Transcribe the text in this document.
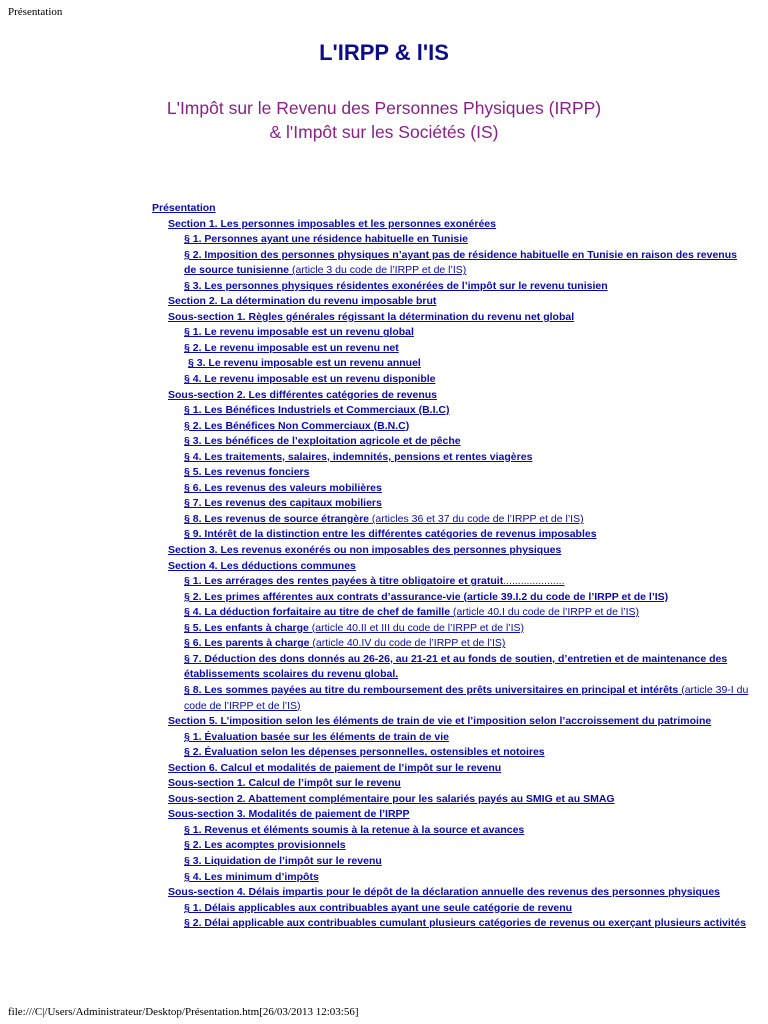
Présentation
L'IRPP & l'IS
L'Impôt sur le Revenu des Personnes Physiques (IRPP)
& l'Impôt sur les Sociétés (IS)
Présentation
Section 1. Les personnes imposables et les personnes exonérées
§ 1. Personnes ayant une résidence habituelle en Tunisie
§ 2. Imposition des personnes physiques n’ayant pas de résidence habituelle en Tunisie en raison des revenus de source tunisienne (article 3 du code de l’IRPP et de l’IS)
§ 3. Les personnes physiques résidentes exonérées de l’impôt sur le revenu tunisien
Section 2. La détermination du revenu imposable brut
Sous-section 1. Règles générales régissant la détermination du revenu net global
§ 1. Le revenu imposable est un revenu global
§ 2. Le revenu imposable est un revenu net
§ 3. Le revenu imposable est un revenu annuel
§ 4. Le revenu imposable est un revenu disponible
Sous-section 2. Les différentes catégories de revenus
§ 1. Les Bénéfices Industriels et Commerciaux (B.I.C)
§ 2. Les Bénéfices Non Commerciaux (B.N.C)
§ 3. Les bénéfices de l’exploitation agricole et de pêche
§ 4. Les traitements, salaires, indemnités, pensions et rentes viagères
§ 5. Les revenus fonciers
§ 6. Les revenus des valeurs mobilières
§ 7. Les revenus des capitaux mobiliers
§ 8. Les revenus de source étrangère (articles 36 et 37 du code de l’IRPP et de l’IS)
§ 9. Intérêt de la distinction entre les différentes catégories de revenus imposables
Section 3. Les revenus exonérés ou non imposables des personnes physiques
Section 4. Les déductions communes
§ 1. Les arrérages des rentes payées à titre obligatoire et gratuit.....................
§ 2. Les primes afférentes aux contrats d’assurance-vie (article 39.I.2 du code de l’IRPP et de l’IS)
§ 4. La déduction forfaitaire au titre de chef de famille (article 40.I du code de l’IRPP et de l’IS)
§ 5. Les enfants à charge (article 40.II et III du code de l’IRPP et de l’IS)
§ 6. Les parents à charge (article 40.IV du code de l’IRPP et de l’IS)
§ 7. Déduction des dons donnés au 26-26, au 21-21 et au fonds de soutien, d’entretien et de maintenance des établissements scolaires du revenu global.
§ 8. Les sommes payées au titre du remboursement des prêts universitaires en principal et intérêts (article 39-I du code de l’IRPP et de l’IS)
Section 5. L’imposition selon les éléments de train de vie et l’imposition selon l’accroissement du patrimoine
§ 1. Évaluation basée sur les éléments de train de vie
§ 2. Évaluation selon les dépenses personnelles, ostensibles et notoires
Section 6. Calcul et modalités de paiement de l’impôt sur le revenu
Sous-section 1. Calcul de l’impôt sur le revenu
Sous-section 2. Abattement complémentaire pour les salariés payés au SMIG et au SMAG
Sous-section 3. Modalités de paiement de l’IRPP
§ 1. Revenus et éléments soumis à la retenue à la source et avances
§ 2. Les acomptes provisionnels
§ 3. Liquidation de l’impôt sur le revenu
§ 4. Les minimum d’impôts
Sous-section 4. Délais impartis pour le dépôt de la déclaration annuelle des revenus des personnes physiques
§ 1. Délais applicables aux contribuables ayant une seule catégorie de revenu
§ 2. Délai applicable aux contribuables cumulant plusieurs catégories de revenus ou exerçant plusieurs activités
file:///C|/Users/Administrateur/Desktop/Présentation.htm[26/03/2013 12:03:56]
